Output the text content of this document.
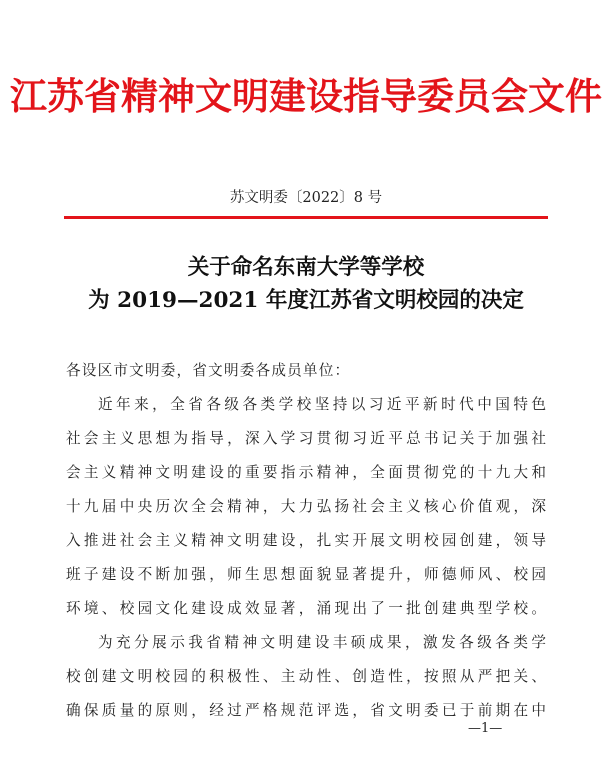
江苏省精神文明建设指导委员会文件
苏文明委〔2022〕8 号
关于命名东南大学等学校
为 2019—2021 年度江苏省文明校园的决定
各设区市文明委，省文明委各成员单位：
近年来，全省各级各类学校坚持以习近平新时代中国特色
社会主义思想为指导，深入学习贯彻习近平总书记关于加强社
会主义精神文明建设的重要指示精神，全面贯彻党的十九大和
十九届中央历次全会精神，大力弘扬社会主义核心价值观，深
入推进社会主义精神文明建设，扎实开展文明校园创建，领导
班子建设不断加强，师生思想面貌显著提升，师德师风、校园
环境、校园文化建设成效显著，涌现出了一批创建典型学校。
为充分展示我省精神文明建设丰硕成果，激发各级各类学
校创建文明校园的积极性、主动性、创造性，按照从严把关、
确保质量的原则，经过严格规范评选，省文明委已于前期在中
—1—
